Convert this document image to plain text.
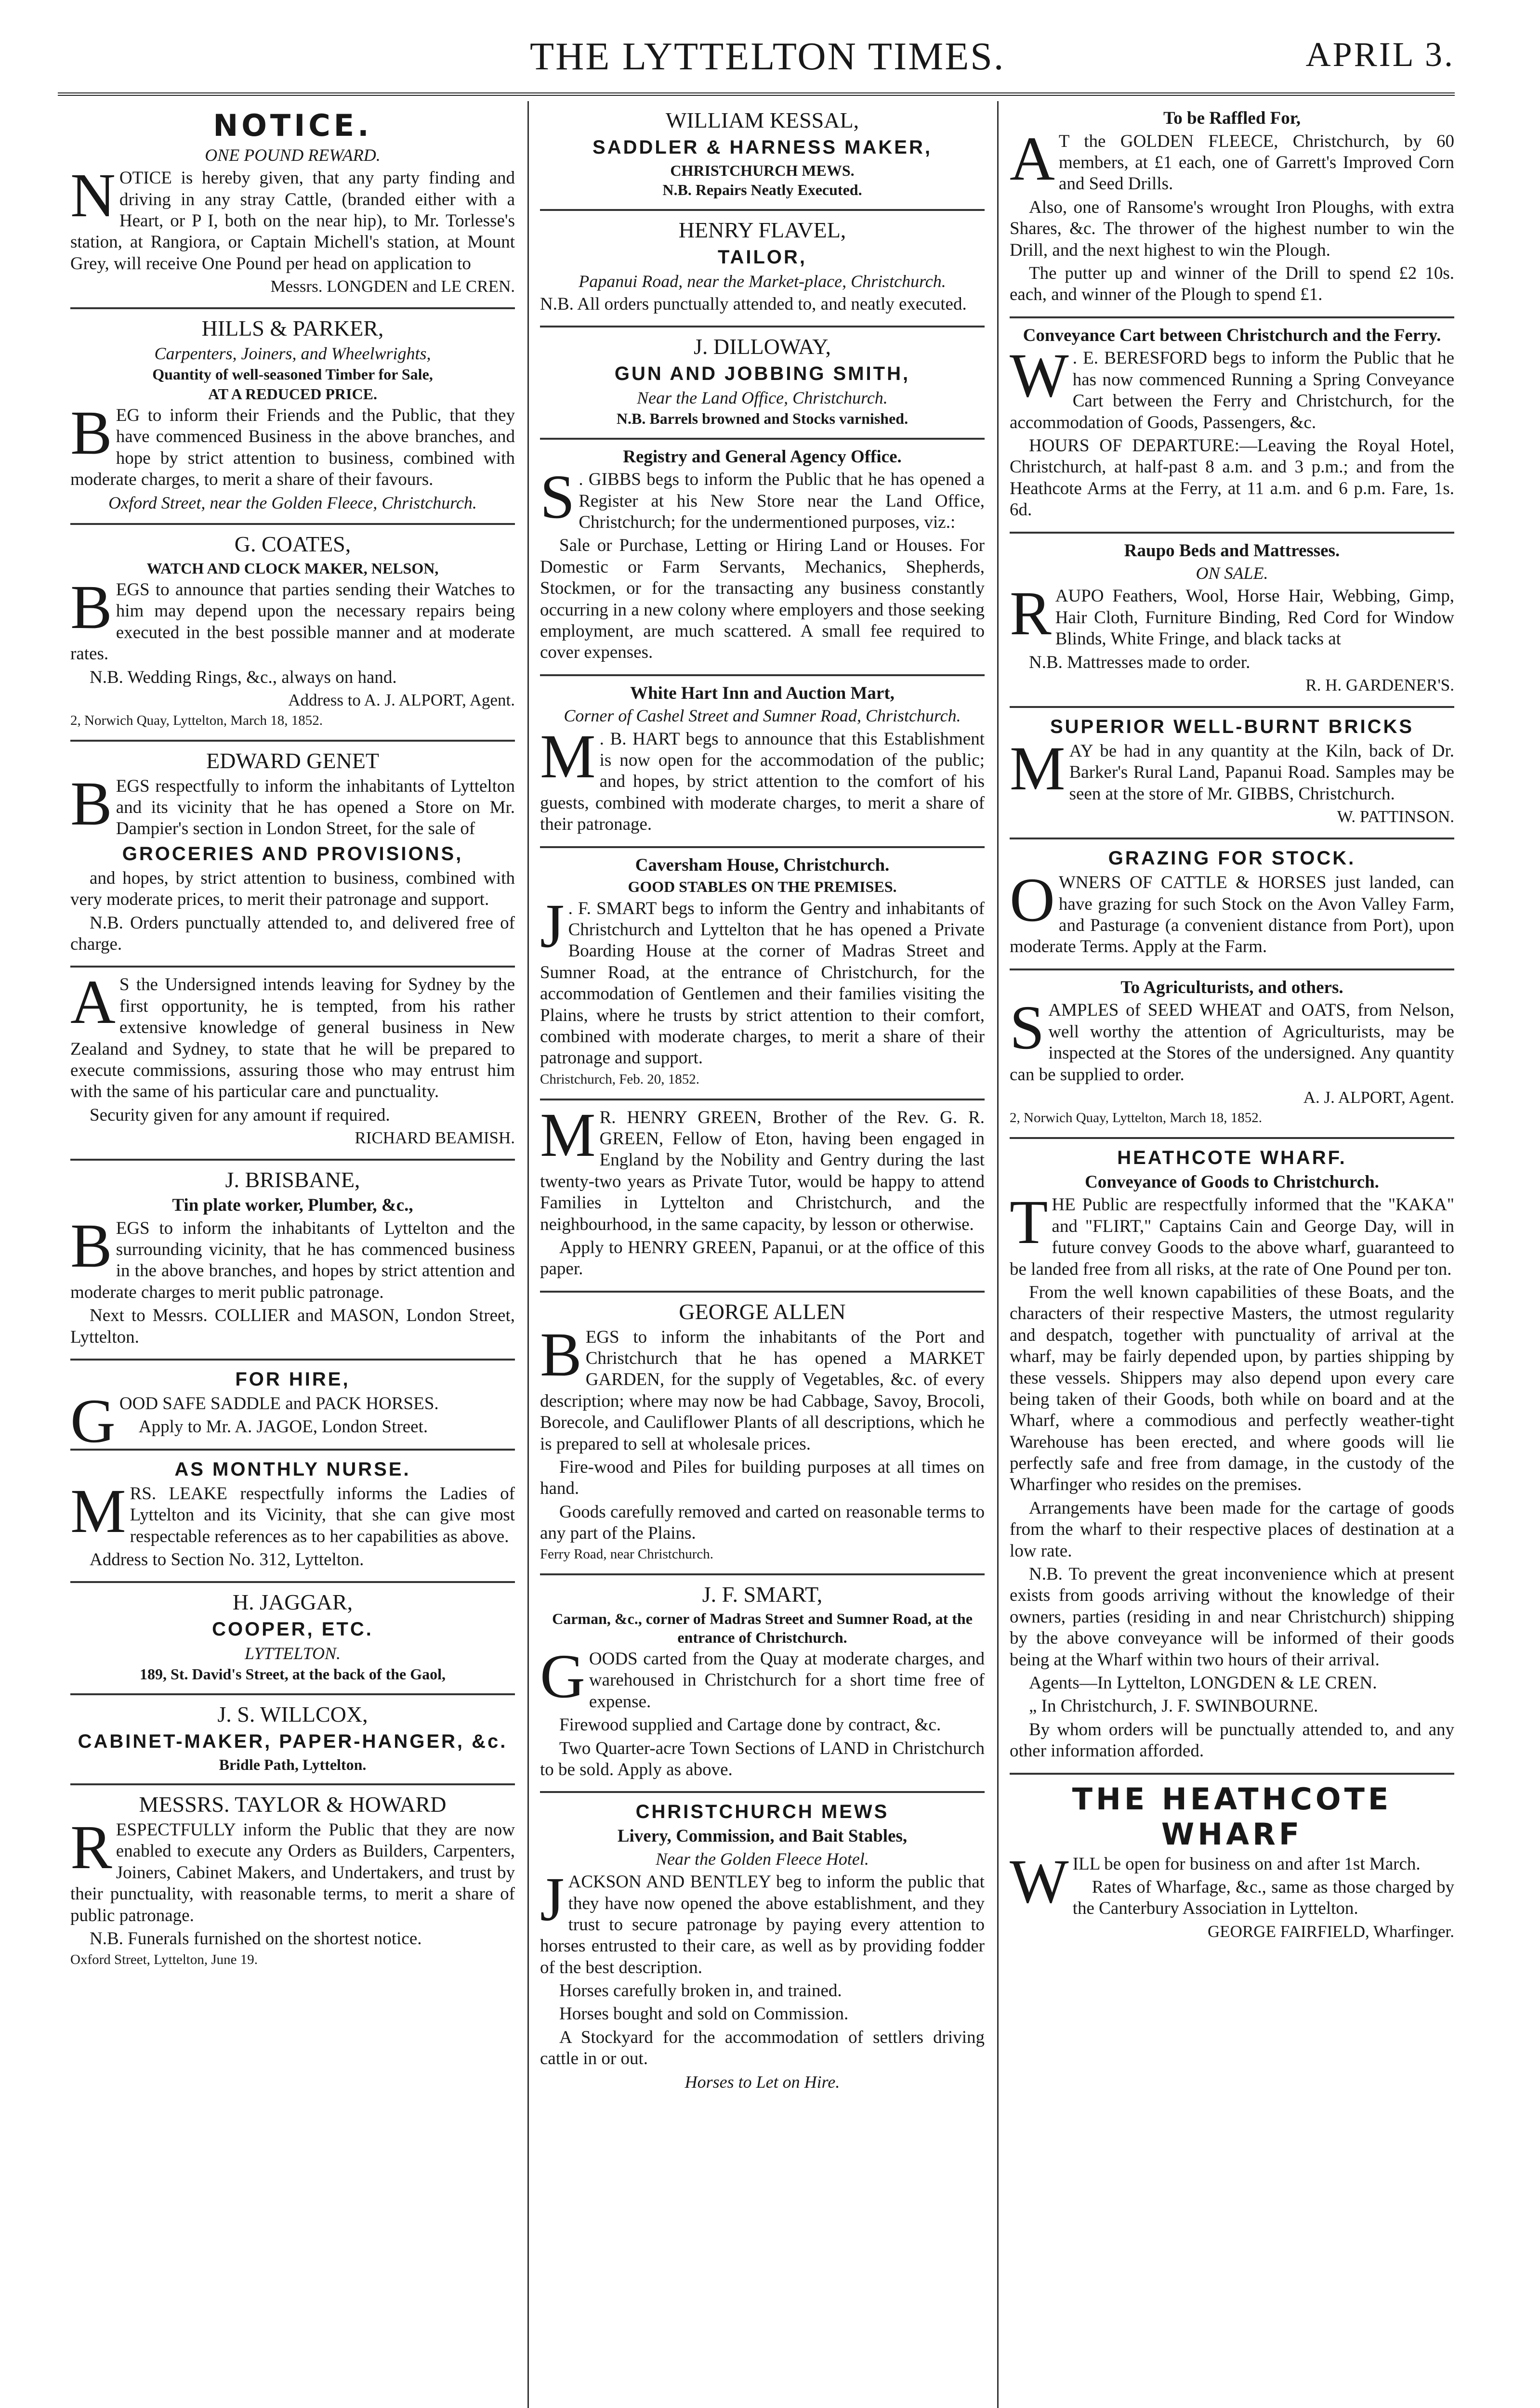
THE LYTTELTON TIMES.	APRIL 3.
NOTICE.
ONE POUND REWARD.
NOTICE is hereby given, that any party finding and driving in any stray Cattle, (branded either with a Heart, or P I, both on the near hip), to Mr. Torlesse's station, at Rangiora, or Captain Michell's station, at Mount Grey, will receive One Pound per head on application to
Messrs. LONGDEN and LE CREN.
HILLS & PARKER,
Carpenters, Joiners, and Wheelwrights,
Quantity of well-seasoned Timber for Sale,
AT A REDUCED PRICE.
BEG to inform their Friends and the Public, that they have commenced Business in the above branches, and hope by strict attention to business, combined with moderate charges, to merit a share of their favours.
Oxford Street, near the Golden Fleece, Christchurch.
G. COATES,
WATCH AND CLOCK MAKER, NELSON,
BEGS to announce that parties sending their Watches to him may depend upon the necessary repairs being executed in the best possible manner and at moderate rates.
N.B. Wedding Rings, &c., always on hand.
Address to A. J. ALPORT, Agent.
2, Norwich Quay, Lyttelton, March 18, 1852.
EDWARD GENET
BEGS respectfully to inform the inhabitants of Lyttelton and its vicinity that he has opened a Store on Mr. Dampier's section in London Street, for the sale of
GROCERIES AND PROVISIONS,
and hopes, by strict attention to business, combined with very moderate prices, to merit their patronage and support.
N.B. Orders punctually attended to, and delivered free of charge.
A S the Undersigned intends leaving for Sydney by the first opportunity, he is tempted, from his rather extensive knowledge of general business in New Zealand and Sydney, to state that he will be prepared to execute commissions, assuring those who may entrust him with the same of his particular care and punctuality.
Security given for any amount if required.
RICHARD BEAMISH.
J. BRISBANE,
Tin plate worker, Plumber, &c.,
BEGS to inform the inhabitants of Lyttelton and the surrounding vicinity, that he has commenced business in the above branches, and hopes by strict attention and moderate charges to merit public patronage.
Next to Messrs. COLLIER and MASON, London Street, Lyttelton.
FOR HIRE,
GOOD SAFE SADDLE and PACK HORSES.
Apply to Mr. A. JAGOE, London Street.
AS MONTHLY NURSE.
MRS. LEAKE respectfully informs the Ladies of Lyttelton and its Vicinity, that she can give most respectable references as to her capabilities as above.
Address to Section No. 312, Lyttelton.
H. JAGGAR,
COOPER, ETC.
LYTTELTON.
189, St. David's Street, at the back of the Gaol,
J. S. WILLCOX,
CABINET-MAKER, PAPER-HANGER, &c.
Bridle Path, Lyttelton.
MESSRS. TAYLOR & HOWARD
RESPECTFULLY inform the Public that they are now enabled to execute any Orders as Builders, Carpenters, Joiners, Cabinet Makers, and Undertakers, and trust by their punctuality, with reasonable terms, to merit a share of public patronage.
N.B. Funerals furnished on the shortest notice.
Oxford Street, Lyttelton, June 19.
WILLIAM KESSAL,
SADDLER & HARNESS MAKER,
CHRISTCHURCH MEWS.
N.B. Repairs Neatly Executed.
HENRY FLAVEL,
TAILOR,
Papanui Road, near the Market-place, Christchurch.
N.B. All orders punctually attended to, and neatly executed.
J. DILLOWAY,
GUN AND JOBBING SMITH,
Near the Land Office, Christchurch.
N.B. Barrels browned and Stocks varnished.
Registry and General Agency Office.
S . GIBBS begs to inform the Public that he has opened a Register at his New Store near the Land Office, Christchurch; for the undermentioned purposes, viz.:
Sale or Purchase, Letting or Hiring Land or Houses. For Domestic or Farm Servants, Mechanics, Shepherds, Stockmen, or for the transacting any business constantly occurring in a new colony where employers and those seeking employment, are much scattered. A small fee required to cover expenses.
White Hart Inn and Auction Mart,
Corner of Cashel Street and Sumner Road, Christchurch.
M . B. HART begs to announce that this Establishment is now open for the accommodation of the public; and hopes, by strict attention to the comfort of his guests, combined with moderate charges, to merit a share of their patronage.
Caversham House, Christchurch.
GOOD STABLES ON THE PREMISES.
J . F. SMART begs to inform the Gentry and inhabitants of Christchurch and Lyttelton that he has opened a Private Boarding House at the corner of Madras Street and Sumner Road, at the entrance of Christchurch, for the accommodation of Gentlemen and their families visiting the Plains, where he trusts by strict attention to their comfort, combined with moderate charges, to merit a share of their patronage and support.
Christchurch, Feb. 20, 1852.
M R. HENRY GREEN, Brother of the Rev. G. R. GREEN, Fellow of Eton, having been engaged in England by the Nobility and Gentry during the last twenty-two years as Private Tutor, would be happy to attend Families in Lyttelton and Christchurch, and the neighbourhood, in the same capacity, by lesson or otherwise.
Apply to HENRY GREEN, Papanui, or at the office of this paper.
GEORGE ALLEN
BEGS to inform the inhabitants of the Port and Christchurch that he has opened a MARKET GARDEN, for the supply of Vegetables, &c. of every description; where may now be had Cabbage, Savoy, Brocoli, Borecole, and Cauliflower Plants of all descriptions, which he is prepared to sell at wholesale prices.
Fire-wood and Piles for building purposes at all times on hand.
Goods carefully removed and carted on reasonable terms to any part of the Plains.
Ferry Road, near Christchurch.
J. F. SMART,
Carman, &c., corner of Madras Street and Sumner Road, at the entrance of Christchurch.
GOODS carted from the Quay at moderate charges, and warehoused in Christchurch for a short time free of expense.
Firewood supplied and Cartage done by contract, &c.
Two Quarter-acre Town Sections of LAND in Christchurch to be sold. Apply as above.
CHRISTCHURCH MEWS
Livery, Commission, and Bait Stables,
Near the Golden Fleece Hotel.
JACKSON AND BENTLEY beg to inform the public that they have now opened the above establishment, and they trust to secure patronage by paying every attention to horses entrusted to their care, as well as by providing fodder of the best description.
Horses carefully broken in, and trained.
Horses bought and sold on Commission.
A Stockyard for the accommodation of settlers driving cattle in or out.
Horses to Let on Hire.
To be Raffled For,
A T the GOLDEN FLEECE, Christchurch, by 60 members, at £1 each, one of Garrett's Improved Corn and Seed Drills.
Also, one of Ransome's wrought Iron Ploughs, with extra Shares, &c. The thrower of the highest number to win the Drill, and the next highest to win the Plough.
The putter up and winner of the Drill to spend £2 10s. each, and winner of the Plough to spend £1.
Conveyance Cart between Christchurch and the Ferry.
W . E. BERESFORD begs to inform the Public that he has now commenced Running a Spring Conveyance Cart between the Ferry and Christchurch, for the accommodation of Goods, Passengers, &c.
HOURS OF DEPARTURE:—Leaving the Royal Hotel, Christchurch, at half-past 8 a.m. and 3 p.m.; and from the Heathcote Arms at the Ferry, at 11 a.m. and 6 p.m. Fare, 1s. 6d.
Raupo Beds and Mattresses.
ON SALE.
RAUPO Feathers, Wool, Horse Hair, Webbing, Gimp, Hair Cloth, Furniture Binding, Red Cord for Window Blinds, White Fringe, and black tacks at
N.B. Mattresses made to order.
R. H. GARDENER'S.
SUPERIOR WELL-BURNT BRICKS
MAY be had in any quantity at the Kiln, back of Dr. Barker's Rural Land, Papanui Road. Samples may be seen at the store of Mr. GIBBS, Christchurch.
W. PATTINSON.
GRAZING FOR STOCK.
OWNERS OF CATTLE & HORSES just landed, can have grazing for such Stock on the Avon Valley Farm, and Pasturage (a convenient distance from Port), upon moderate Terms. Apply at the Farm.
To Agriculturists, and others.
SAMPLES of SEED WHEAT and OATS, from Nelson, well worthy the attention of Agriculturists, may be inspected at the Stores of the undersigned. Any quantity can be supplied to order.
A. J. ALPORT, Agent.
2, Norwich Quay, Lyttelton, March 18, 1852.
HEATHCOTE WHARF.
Conveyance of Goods to Christchurch.
THE Public are respectfully informed that the "KAKA" and "FLIRT," Captains Cain and George Day, will in future convey Goods to the above wharf, guaranteed to be landed free from all risks, at the rate of One Pound per ton.
From the well known capabilities of these Boats, and the characters of their respective Masters, the utmost regularity and despatch, together with punctuality of arrival at the wharf, may be fairly depended upon, by parties shipping by these vessels. Shippers may also depend upon every care being taken of their Goods, both while on board and at the Wharf, where a commodious and perfectly weather-tight Warehouse has been erected, and where goods will lie perfectly safe and free from damage, in the custody of the Wharfinger who resides on the premises.
Arrangements have been made for the cartage of goods from the wharf to their respective places of destination at a low rate.
N.B. To prevent the great inconvenience which at present exists from goods arriving without the knowledge of their owners, parties (residing in and near Christchurch) shipping by the above conveyance will be informed of their goods being at the Wharf within two hours of their arrival.
Agents—In Lyttelton, LONGDEN & LE CREN.
„ In Christchurch, J. F. SWINBOURNE.
By whom orders will be punctually attended to, and any other information afforded.
THE HEATHCOTE WHARF
WILL be open for business on and after 1st March.
Rates of Wharfage, &c., same as those charged by the Canterbury Association in Lyttelton.
GEORGE FAIRFIELD, Wharfinger.
